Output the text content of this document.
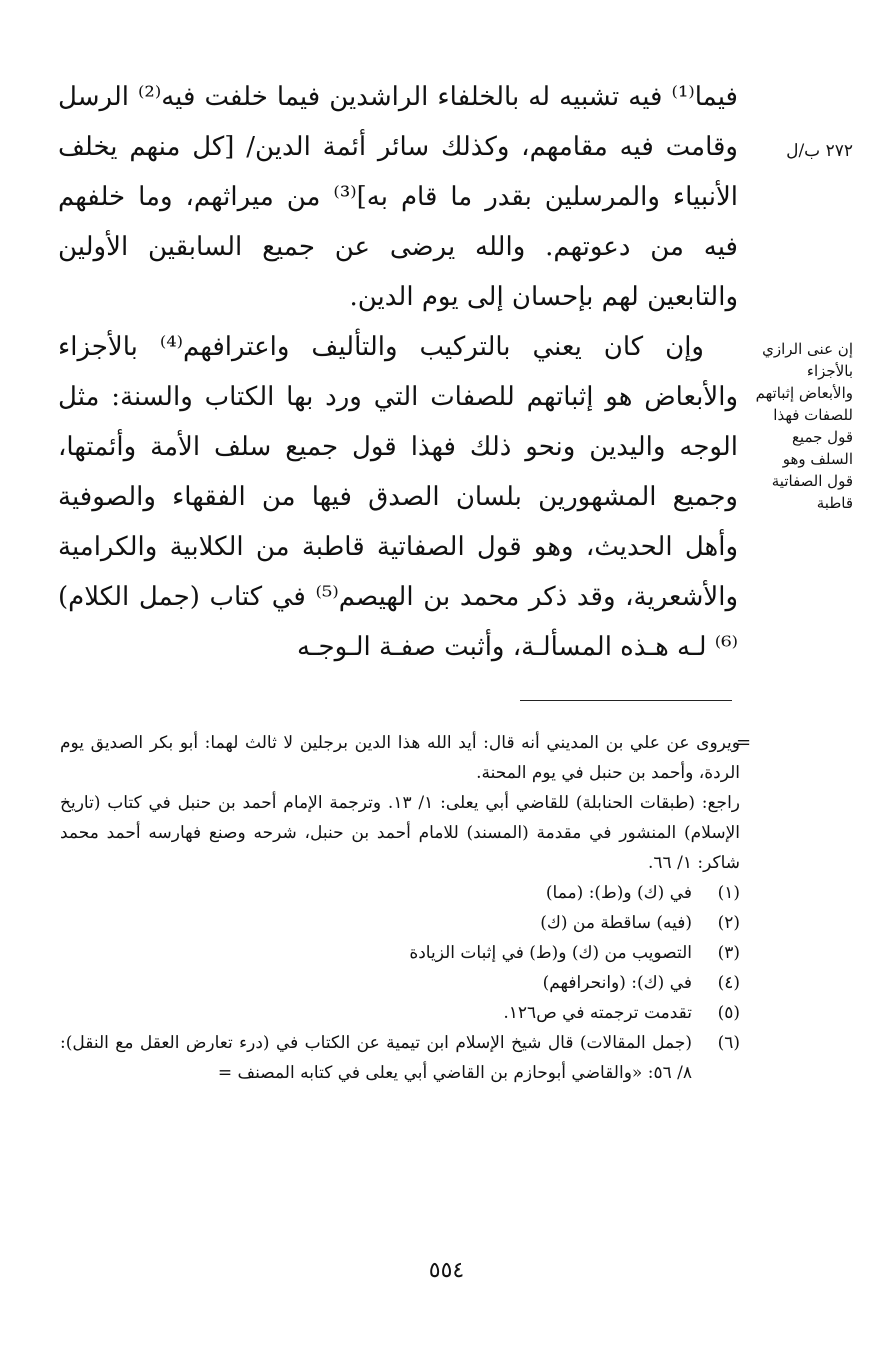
فيما⁽¹⁾ فيه تشبيه له بالخلفاء الراشدين فيما خلفت فيه⁽²⁾ الرسل وقامت فيه مقامهم، وكذلك سائر أئمة الدين/ [كل منهم يخلف الأنبياء والمرسلين بقدر ما قام به]⁽³⁾ من ميراثهم، وما خلفهم فيه من دعوتهم. والله يرضى عن جميع السابقين الأولين والتابعين لهم بإحسان إلى يوم الدين.

وإن كان يعني بالتركيب والتأليف واعترافهم⁽⁴⁾ بالأجزاء والأبعاض هو إثباتهم للصفات التي ورد بها الكتاب والسنة: مثل الوجه واليدين ونحو ذلك فهذا قول جميع سلف الأمة وأئمتها، وجميع المشهورين بلسان الصدق فيها من الفقهاء والصوفية وأهل الحديث، وهو قول الصفاتية قاطبة من الكلابية والكرامية والأشعرية، وقد ذكر محمد بن الهيصم⁽⁵⁾ في كتاب (جمل الكلام)⁽⁶⁾ لـه هـذه المسألـة، وأثبت صفـة الـوجـه

٢٧٢ ب/ل
إن عنى الرازي بالأجزاء والأبعاض إثباتهم للصفات فهذا قول جميع السلف وهو قول الصفاتية قاطبة
=

ويروى عن علي بن المديني أنه قال: أيد الله هذا الدين برجلين لا ثالث لهما: أبو بكر الصديق يوم الردة، وأحمد بن حنبل في يوم المحنة.

راجع: (طبقات الحنابلة) للقاضي أبي يعلى: ١/ ١٣. وترجمة الإمام أحمد بن حنبل في كتاب (تاريخ الإسلام) المنشور في مقدمة (المسند) للامام أحمد بن حنبل، شرحه وصنع فهارسه أحمد محمد شاكر: ١/ ٦٦.

(١)
في (ك) و(ط): (مما)
(٢)
(فيه) ساقطة من (ك)
(٣)
التصويب من (ك) و(ط) في إثبات الزيادة
(٤)
في (ك): (وانحرافهم)
(٥)
تقدمت ترجمته في ص١٢٦.
(٦)
(جمل المقالات) قال شيخ الإسلام ابن تيمية عن الكتاب في (درء تعارض العقل مع النقل): ٨/ ٥٦: «والقاضي أبوحازم بن القاضي أبي يعلى في كتابه المصنف =
٥٥٤
